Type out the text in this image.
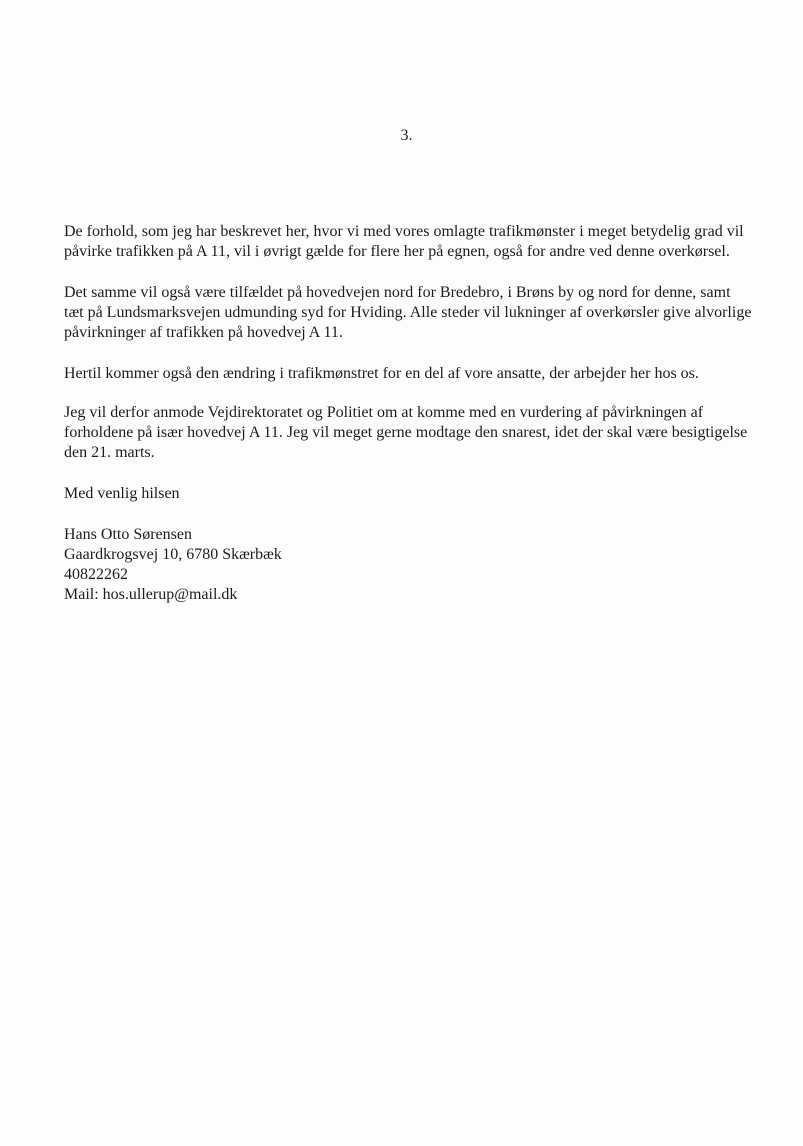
3.

De forhold, som jeg har beskrevet her, hvor vi med vores omlagte trafikmønster i meget betydelig grad vil påvirke trafikken på A 11, vil i øvrigt gælde for flere her på egnen, også for andre ved denne overkørsel.

Det samme vil også være tilfældet på hovedvejen nord for Bredebro, i Brøns by og nord for denne, samt tæt på Lundsmarksvejen udmunding syd for Hviding. Alle steder vil lukninger af overkørsler give alvorlige påvirkninger af trafikken på hovedvej A 11.

Hertil kommer også den ændring i trafikmønstret for en del af vore ansatte, der arbejder her hos os.

Jeg vil derfor anmode Vejdirektoratet og Politiet om at komme med en vurdering af påvirkningen af forholdene på især hovedvej A 11. Jeg vil meget gerne modtage den snarest, idet der skal være besigtigelse den 21. marts.

Med venlig hilsen

Hans Otto Sørensen
Gaardkrogsvej 10, 6780 Skærbæk
40822262
Mail: hos.ullerup@mail.dk
